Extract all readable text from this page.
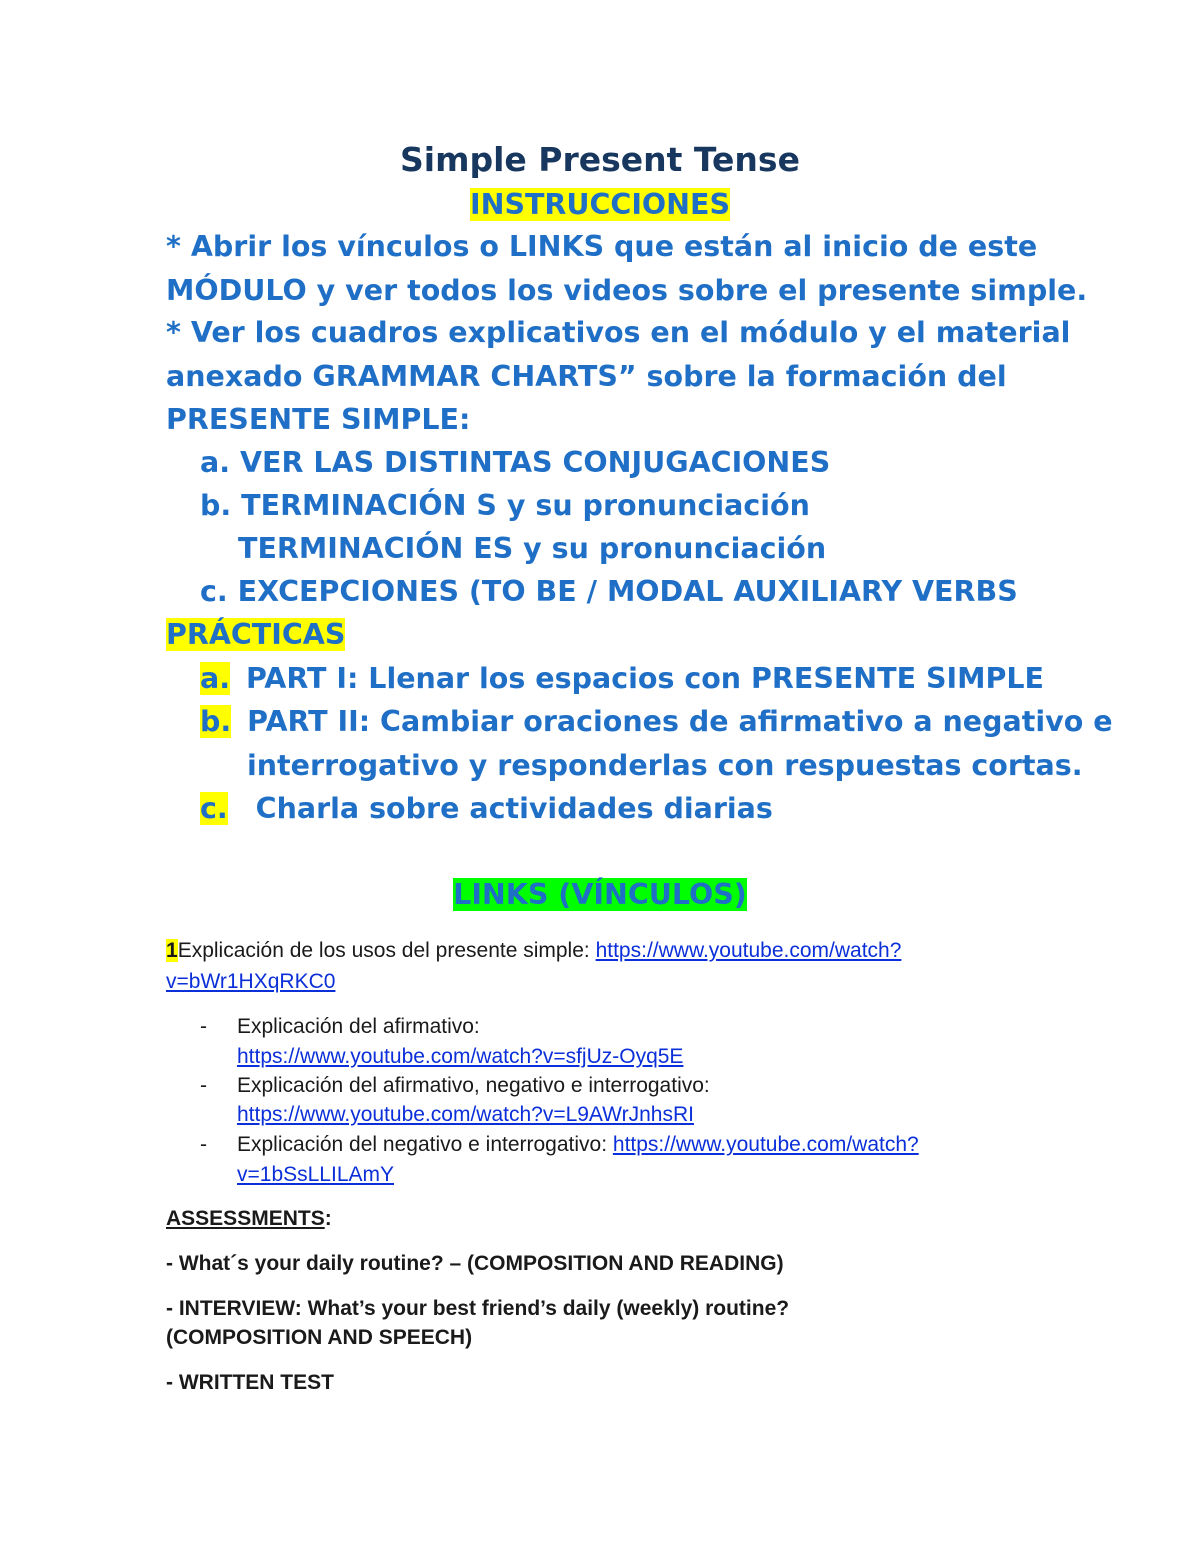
Simple Present Tense
INSTRUCCIONES
* Abrir los vínculos o LINKS que están al inicio de este
MÓDULO y ver todos los videos sobre el presente simple.
* Ver los cuadros explicativos en el módulo y el material
anexado GRAMMAR CHARTS” sobre la formación del
PRESENTE SIMPLE:
a. VER LAS DISTINTAS CONJUGACIONES
b. TERMINACIÓN S y su pronunciación
TERMINACIÓN ES y su pronunciación
c. EXCEPCIONES (TO BE / MODAL AUXILIARY VERBS
PRÁCTICAS
a. PART I: Llenar los espacios con PRESENTE SIMPLE
b. PART II: Cambiar oraciones de afirmativo a negativo e
interrogativo y responderlas con respuestas cortas.
c. Charla sobre actividades diarias
LINKS (VÍNCULOS)
1Explicación de los usos del presente simple: https://www.youtube.com/watch?
v=bWr1HXqRKC0
- Explicación del afirmativo:
https://www.youtube.com/watch?v=sfjUz-Oyq5E
- Explicación del afirmativo, negativo e interrogativo:
https://www.youtube.com/watch?v=L9AWrJnhsRI
- Explicación del negativo e interrogativo: https://www.youtube.com/watch?
v=1bSsLLILAmY
ASSESSMENTS:
- What´s your daily routine? – (COMPOSITION AND READING)
- INTERVIEW: What’s your best friend’s daily (weekly) routine?
(COMPOSITION AND SPEECH)
- WRITTEN TEST
